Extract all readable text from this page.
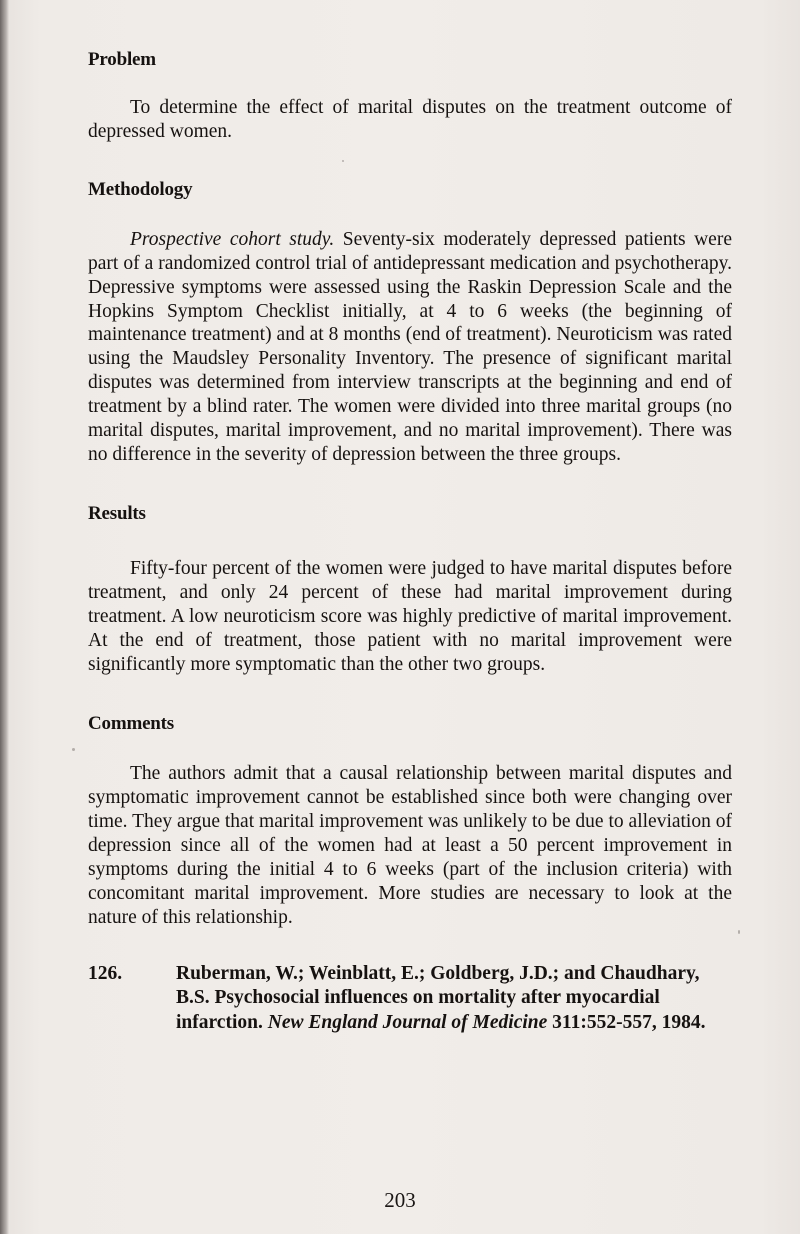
Problem

To determine the effect of marital disputes on the treatment outcome of depressed women.

Methodology

Prospective cohort study. Seventy-six moderately depressed patients were part of a randomized control trial of antidepressant medication and psychotherapy. Depressive symptoms were assessed using the Raskin Depression Scale and the Hopkins Symptom Checklist initially, at 4 to 6 weeks (the beginning of maintenance treatment) and at 8 months (end of treatment). Neuroticism was rated using the Maudsley Personality Inventory. The presence of significant marital disputes was determined from interview transcripts at the beginning and end of treatment by a blind rater. The women were divided into three marital groups (no marital disputes, marital improvement, and no marital improvement). There was no difference in the severity of depression between the three groups.

Results

Fifty-four percent of the women were judged to have marital disputes before treatment, and only 24 percent of these had marital improvement during treatment. A low neuroticism score was highly predictive of marital improvement. At the end of treatment, those patient with no marital improvement were significantly more symptomatic than the other two groups.

Comments

The authors admit that a causal relationship between marital disputes and symptomatic improvement cannot be established since both were changing over time. They argue that marital improvement was unlikely to be due to alleviation of depression since all of the women had at least a 50 percent improvement in symptoms during the initial 4 to 6 weeks (part of the inclusion criteria) with concomitant marital improvement. More studies are necessary to look at the nature of this relationship.

126.	Ruberman, W.; Weinblatt, E.; Goldberg, J.D.; and Chaudhary, B.S. Psychosocial influences on mortality after myocardial infarction. New England Journal of Medicine 311:552-557, 1984.
203
